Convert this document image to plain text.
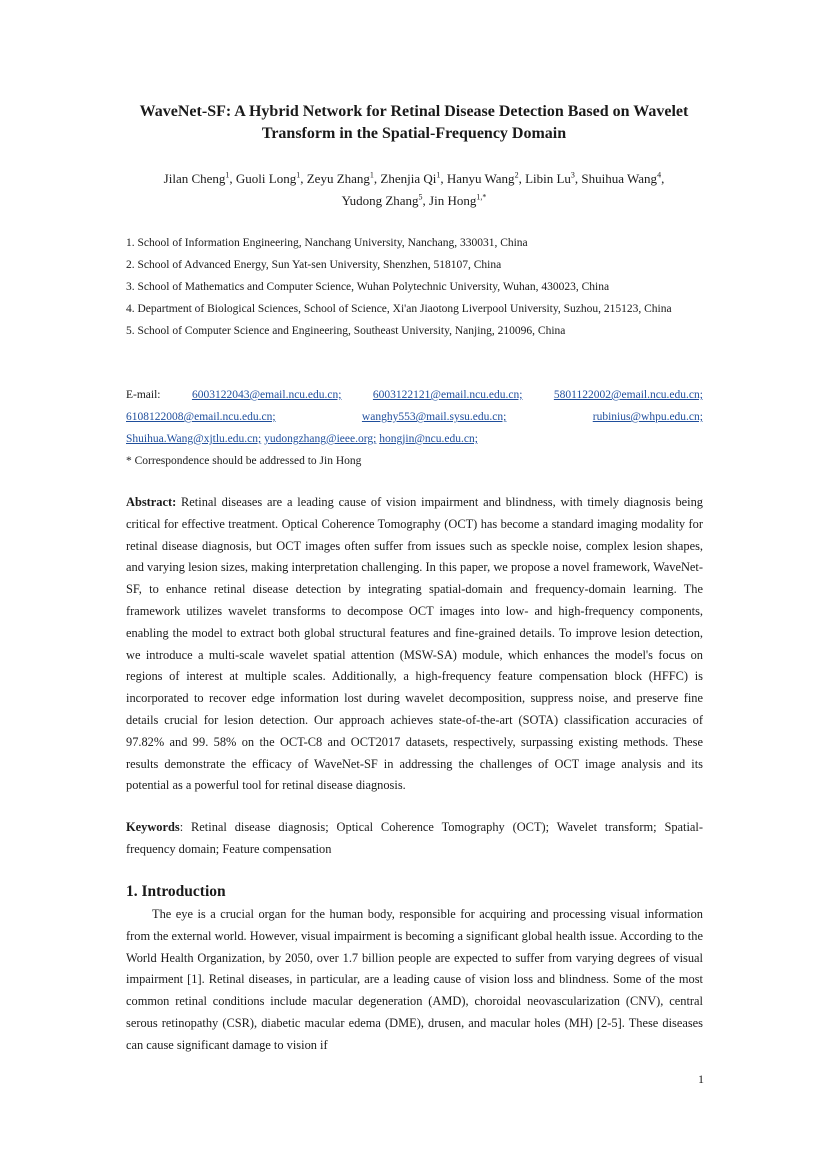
WaveNet-SF: A Hybrid Network for Retinal Disease Detection Based on Wavelet
Transform in the Spatial-Frequency Domain
Jilan Cheng$^1$, Guoli Long$^1$, Zeyu Zhang$^1$, Zhenjia Qi$^1$, Hanyu Wang$^2$, Libin Lu$^3$, Shuihua Wang$^4$,
Yudong Zhang$^5$, Jin Hong$^{1,*}$
1. School of Information Engineering, Nanchang University, Nanchang, 330031, China
2. School of Advanced Energy, Sun Yat-sen University, Shenzhen, 518107, China
3. School of Mathematics and Computer Science, Wuhan Polytechnic University, Wuhan, 430023, China
4. Department of Biological Sciences, School of Science, Xi'an Jiaotong Liverpool University, Suzhou, 215123, China
5. School of Computer Science and Engineering, Southeast University, Nanjing, 210096, China
E-mail:	6003122043@email.ncu.edu.cn;	6003122121@email.ncu.edu.cn;	5801122002@email.ncu.edu.cn;
6108122008@email.ncu.edu.cn;	wanghy553@mail.sysu.edu.cn;	rubinius@whpu.edu.cn;
Shuihua.Wang@xjtlu.edu.cn;
yudongzhang@ieee.org;
hongjin@ncu.edu.cn;
* Correspondence should be addressed to Jin Hong

Abstract: Retinal diseases are a leading cause of vision impairment and blindness, with timely diagnosis being critical for effective treatment. Optical Coherence Tomography (OCT) has become a standard imaging modality for retinal disease diagnosis, but OCT images often suffer from issues such as speckle noise, complex lesion shapes, and varying lesion sizes, making interpretation challenging. In this paper, we propose a novel framework, WaveNet-SF, to enhance retinal disease detection by integrating spatial-domain and frequency-domain learning. The framework utilizes wavelet transforms to decompose OCT images into low- and high-frequency components, enabling the model to extract both global structural features and fine-grained details. To improve lesion detection, we introduce a multi-scale wavelet spatial attention (MSW-SA) module, which enhances the model's focus on regions of interest at multiple scales. Additionally, a high-frequency feature compensation block (HFFC) is incorporated to recover edge information lost during wavelet decomposition, suppress noise, and preserve fine details crucial for lesion detection. Our approach achieves state-of-the-art (SOTA) classification accuracies of 97.82% and 99. 58% on the OCT-C8 and OCT2017 datasets, respectively, surpassing existing methods. These results demonstrate the efficacy of WaveNet-SF in addressing the challenges of OCT image analysis and its potential as a powerful tool for retinal disease diagnosis.

Keywords: Retinal disease diagnosis; Optical Coherence Tomography (OCT); Wavelet transform; Spatial-frequency domain; Feature compensation

1. Introduction

The eye is a crucial organ for the human body, responsible for acquiring and processing visual information from the external world. However, visual impairment is becoming a significant global health issue. According to the World Health Organization, by 2050, over 1.7 billion people are expected to suffer from varying degrees of visual impairment [1]. Retinal diseases, in particular, are a leading cause of vision loss and blindness. Some of the most common retinal conditions include macular degeneration (AMD), choroidal neovascularization (CNV), central serous retinopathy (CSR), diabetic macular edema (DME), drusen, and macular holes (MH) [2-5]. These diseases can cause significant damage to vision if

1
